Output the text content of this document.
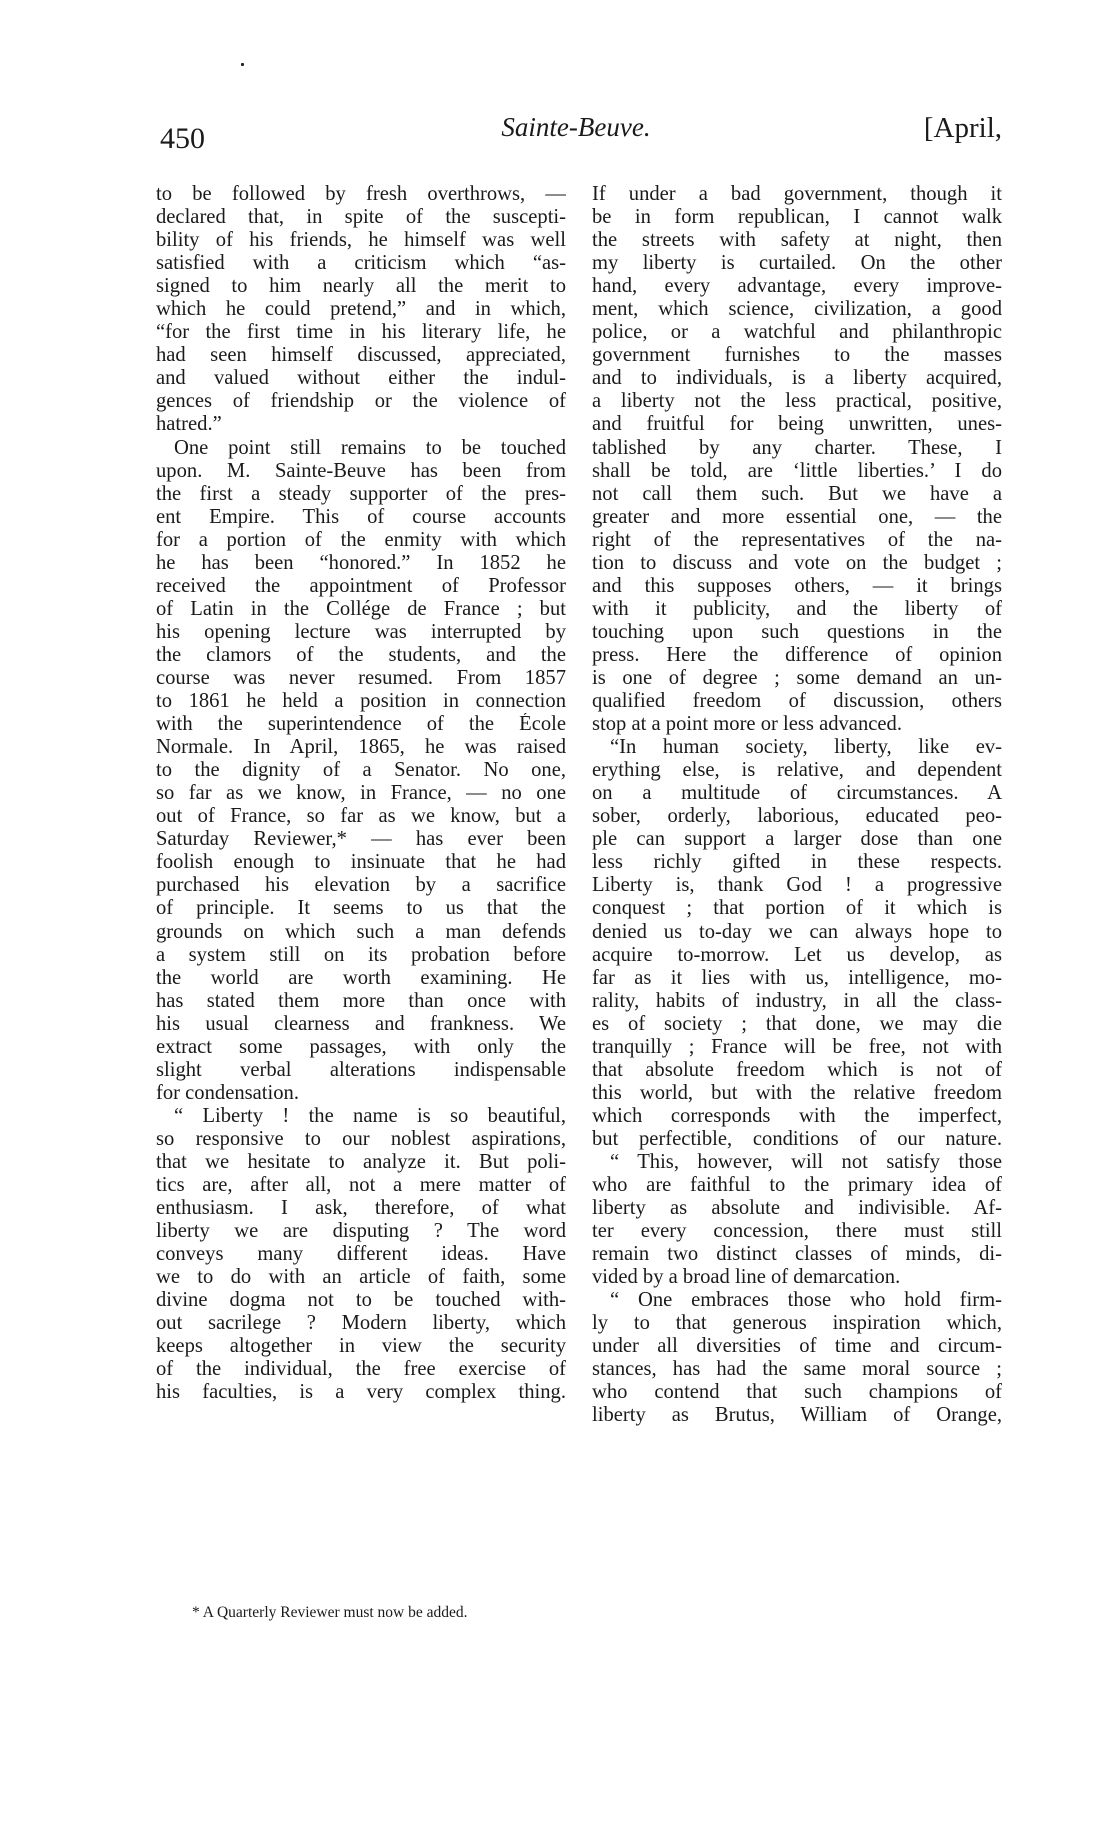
450	Sainte-Beuve.	[April,
to be followed by fresh overthrows, —
declared that, in spite of the suscepti-
bility of his friends, he himself was well
satisfied with a criticism which “as-
signed to him nearly all the merit to
which he could pretend,” and in which,
“for the first time in his literary life, he
had seen himself discussed, appreciated,
and valued without either the indul-
gences of friendship or the violence of
hatred.”
One point still remains to be touched
upon. M. Sainte-Beuve has been from
the first a steady supporter of the pres-
ent Empire. This of course accounts
for a portion of the enmity with which
he has been “honored.” In 1852 he
received the appointment of Professor
of Latin in the Collége de France ; but
his opening lecture was interrupted by
the clamors of the students, and the
course was never resumed. From 1857
to 1861 he held a position in connection
with the superintendence of the École
Normale. In April, 1865, he was raised
to the dignity of a Senator. No one,
so far as we know, in France, — no one
out of France, so far as we know, but a
Saturday Reviewer,* — has ever been
foolish enough to insinuate that he had
purchased his elevation by a sacrifice
of principle. It seems to us that the
grounds on which such a man defends
a system still on its probation before
the world are worth examining. He
has stated them more than once with
his usual clearness and frankness. We
extract some passages, with only the
slight verbal alterations indispensable
for condensation.
“ Liberty ! the name is so beautiful,
so responsive to our noblest aspirations,
that we hesitate to analyze it. But poli-
tics are, after all, not a mere matter of
enthusiasm. I ask, therefore, of what
liberty we are disputing ? The word
conveys many different ideas. Have
we to do with an article of faith, some
divine dogma not to be touched with-
out sacrilege ? Modern liberty, which
keeps altogether in view the security
of the individual, the free exercise of
his faculties, is a very complex thing.
If under a bad government, though it
be in form republican, I cannot walk
the streets with safety at night, then
my liberty is curtailed. On the other
hand, every advantage, every improve-
ment, which science, civilization, a good
police, or a watchful and philanthropic
government furnishes to the masses
and to individuals, is a liberty acquired,
a liberty not the less practical, positive,
and fruitful for being unwritten, unes-
tablished by any charter. These, I
shall be told, are ‘little liberties.’ I do
not call them such. But we have a
greater and more essential one, — the
right of the representatives of the na-
tion to discuss and vote on the budget ;
and this supposes others, — it brings
with it publicity, and the liberty of
touching upon such questions in the
press. Here the difference of opinion
is one of degree ; some demand an un-
qualified freedom of discussion, others
stop at a point more or less advanced.
“In human society, liberty, like ev-
erything else, is relative, and dependent
on a multitude of circumstances. A
sober, orderly, laborious, educated peo-
ple can support a larger dose than one
less richly gifted in these respects.
Liberty is, thank God ! a progressive
conquest ; that portion of it which is
denied us to-day we can always hope to
acquire to-morrow. Let us develop, as
far as it lies with us, intelligence, mo-
rality, habits of industry, in all the class-
es of society ; that done, we may die
tranquilly ; France will be free, not with
that absolute freedom which is not of
this world, but with the relative freedom
which corresponds with the imperfect,
but perfectible, conditions of our nature.
“ This, however, will not satisfy those
who are faithful to the primary idea of
liberty as absolute and indivisible. Af-
ter every concession, there must still
remain two distinct classes of minds, di-
vided by a broad line of demarcation.
“ One embraces those who hold firm-
ly to that generous inspiration which,
under all diversities of time and circum-
stances, has had the same moral source ;
who contend that such champions of
liberty as Brutus, William of Orange,
* A Quarterly Reviewer must now be added.
